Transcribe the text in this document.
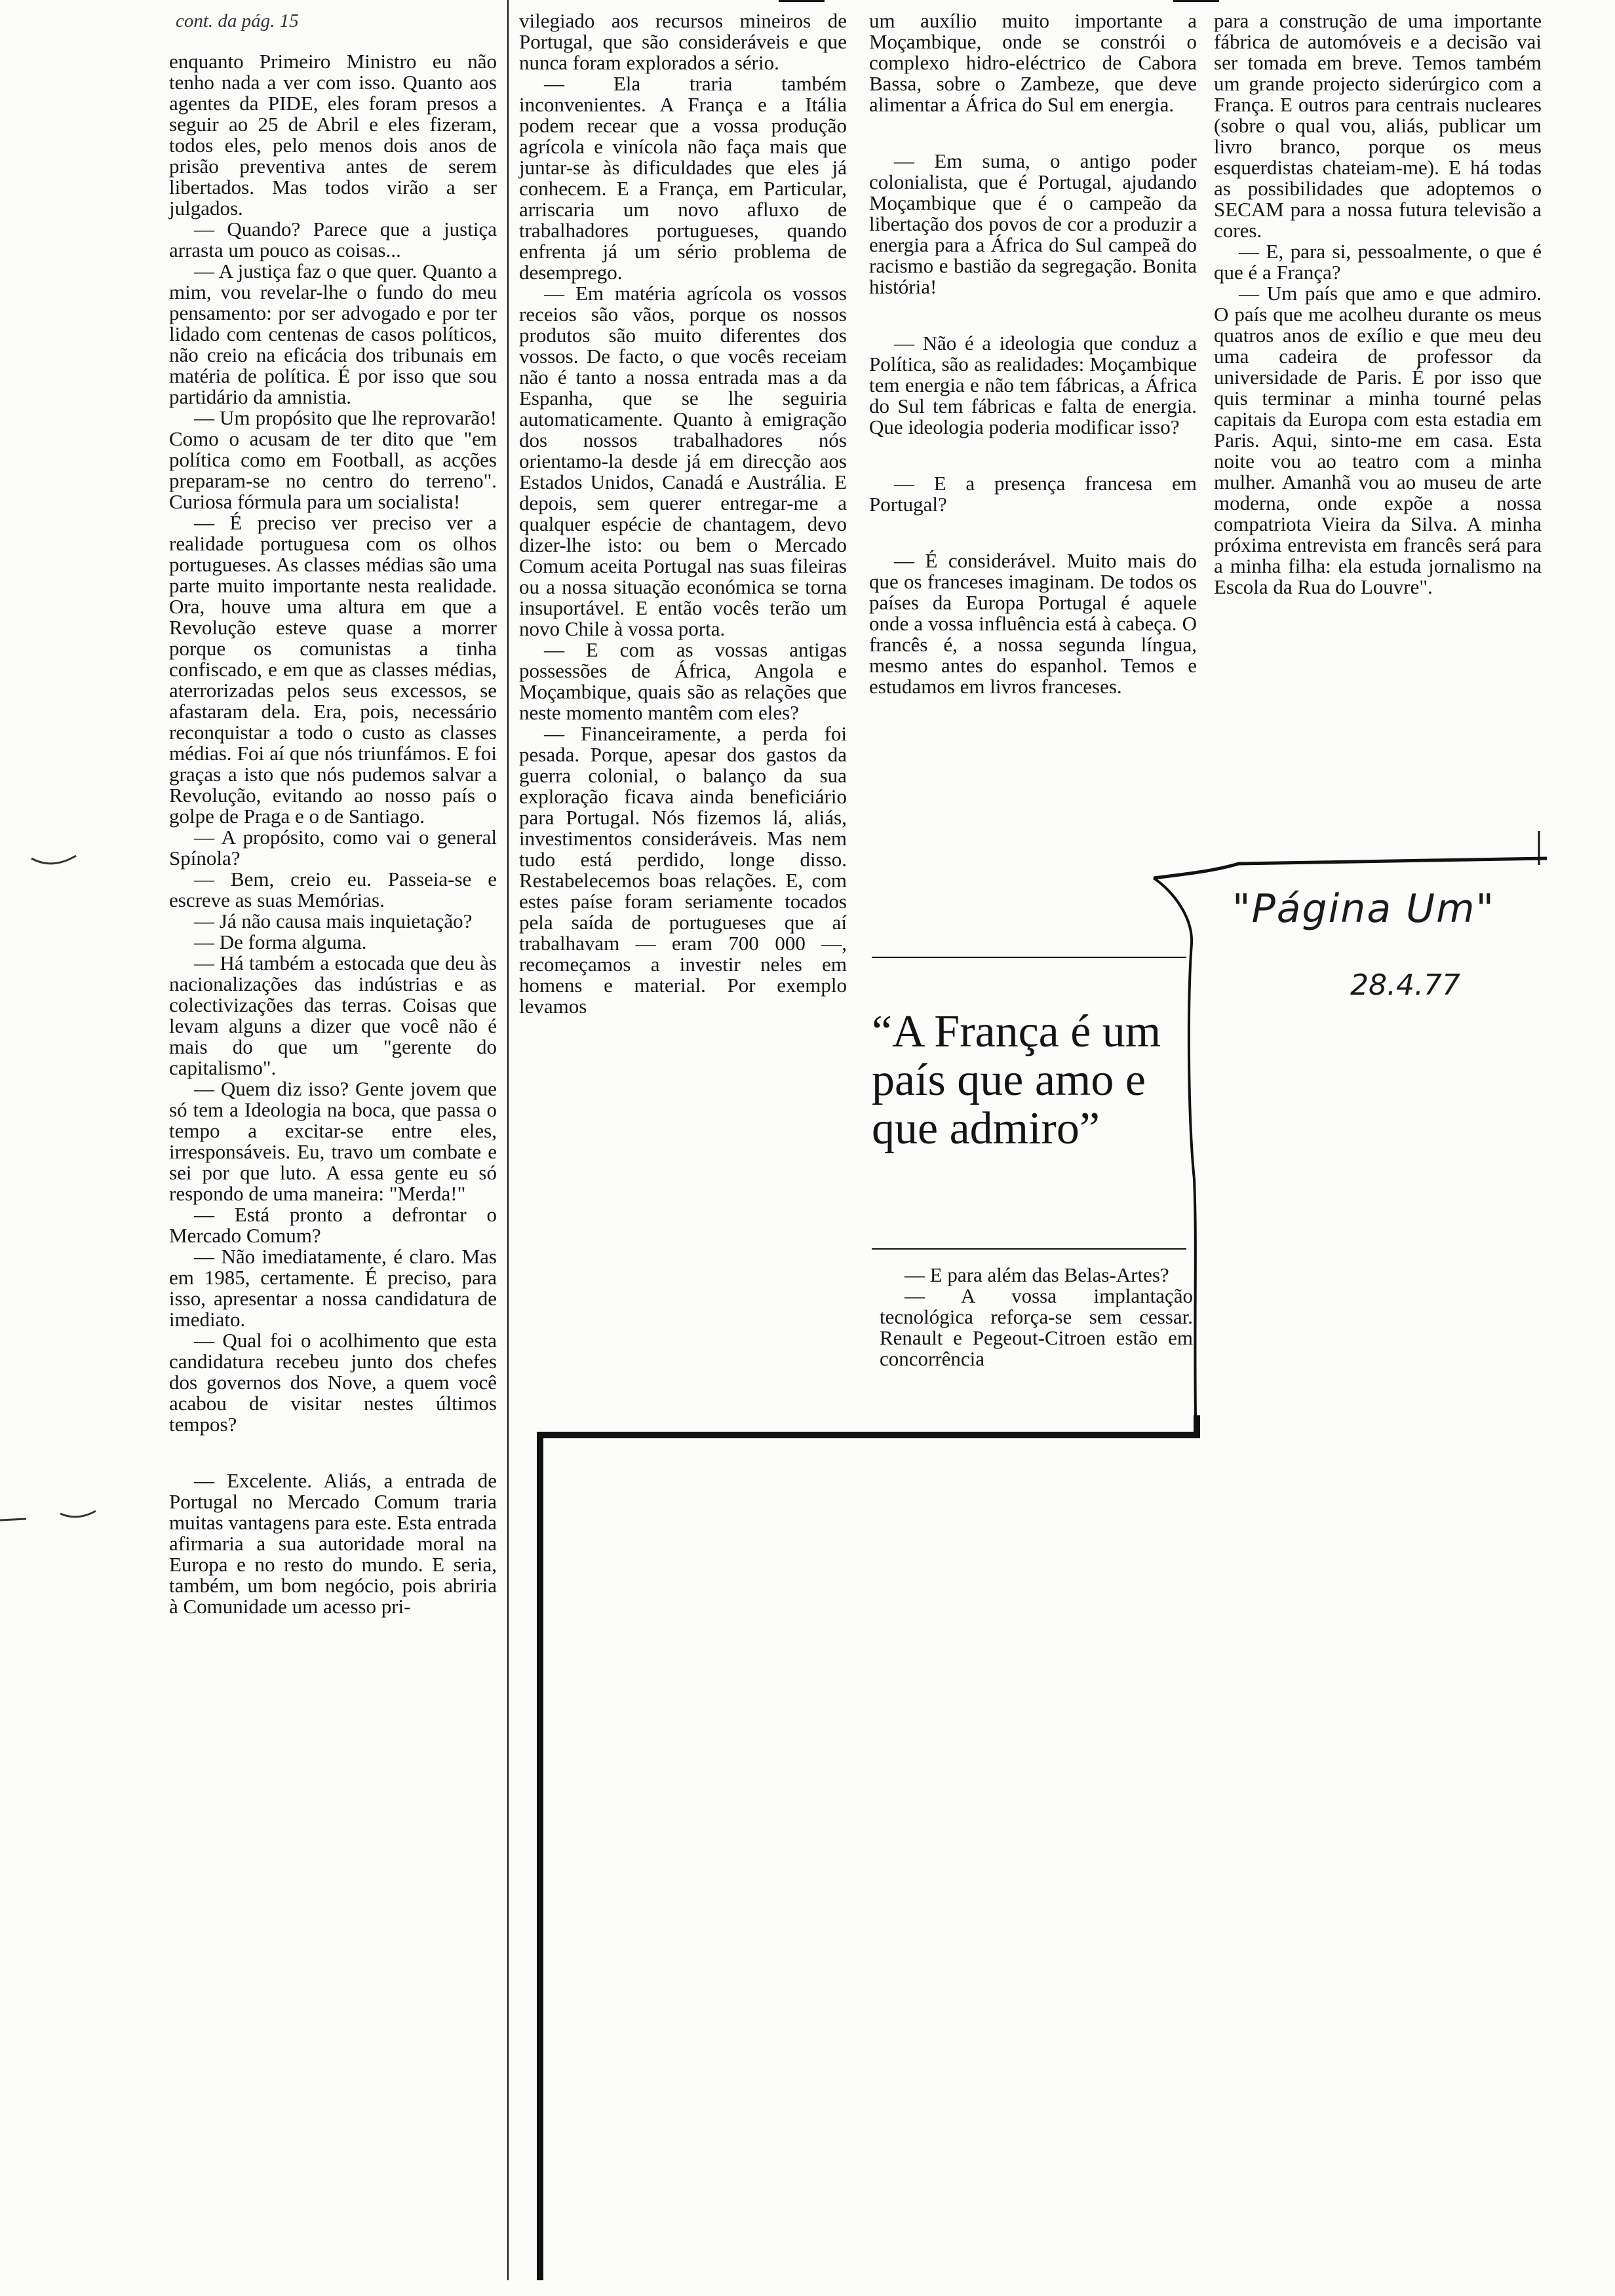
cont. da pág. 15

enquanto Primeiro Ministro eu não tenho nada a ver com isso. Quanto aos agentes da PIDE, eles foram presos a seguir ao 25 de Abril e eles fizeram, todos eles, pelo menos dois anos de prisão preventiva antes de serem libertados. Mas todos virão a ser julgados.

— Quando? Parece que a justiça arrasta um pouco as coisas...

— A justiça faz o que quer. Quanto a mim, vou revelar-lhe o fundo do meu pensamento: por ser advogado e por ter lidado com centenas de casos políticos, não creio na eficácia dos tribunais em matéria de política. É por isso que sou partidário da amnistia.

— Um propósito que lhe reprovarão! Como o acusam de ter dito que "em política como em Football, as acções preparam-se no centro do terreno". Curiosa fórmula para um socialista!

— É preciso ver preciso ver a realidade portuguesa com os olhos portugueses. As classes médias são uma parte muito importante nesta realidade. Ora, houve uma altura em que a Revolução esteve quase a morrer porque os comunistas a tinha confiscado, e em que as classes médias, aterrorizadas pelos seus excessos, se afastaram dela. Era, pois, necessário reconquistar a todo o custo as classes médias. Foi aí que nós triunfámos. E foi graças a isto que nós pudemos salvar a Revolução, evitando ao nosso país o golpe de Praga e o de Santiago.

— A propósito, como vai o general Spínola?

— Bem, creio eu. Passeia-se e escreve as suas Memórias.

— Já não causa mais inquietação?

— De forma alguma.

— Há também a estocada que deu às nacionalizações das indústrias e as colectivizações das terras. Coisas que levam alguns a dizer que você não é mais do que um "gerente do capitalismo".

— Quem diz isso? Gente jovem que só tem a Ideologia na boca, que passa o tempo a excitar-se entre eles, irresponsáveis. Eu, travo um combate e sei por que luto. A essa gente eu só respondo de uma maneira: "Merda!"

— Está pronto a defrontar o Mercado Comum?

— Não imediatamente, é claro. Mas em 1985, certamente. É preciso, para isso, apresentar a nossa candidatura de imediato.

— Qual foi o acolhimento que esta candidatura recebeu junto dos chefes dos governos dos Nove, a quem você acabou de visitar nestes últimos tempos?

— Excelente. Aliás, a entrada de Portugal no Mercado Comum traria muitas vantagens para este. Esta entrada afirmaria a sua autoridade moral na Europa e no resto do mundo. E seria, também, um bom negócio, pois abriria à Comunidade um acesso pri-

vilegiado aos recursos mineiros de Portugal, que são consideráveis e que nunca foram explorados a sério.

— Ela traria também inconvenientes. A França e a Itália podem recear que a vossa produção agrícola e vinícola não faça mais que juntar-se às dificuldades que eles já conhecem. E a França, em Particular, arriscaria um novo afluxo de trabalhadores portugueses, quando enfrenta já um sério problema de desemprego.

— Em matéria agrícola os vossos receios são vãos, porque os nossos produtos são muito diferentes dos vossos. De facto, o que vocês receiam não é tanto a nossa entrada mas a da Espanha, que se lhe seguiria automaticamente. Quanto à emigração dos nossos trabalhadores nós orientamo-la desde já em direcção aos Estados Unidos, Canadá e Austrália. E depois, sem querer entregar-me a qualquer espécie de chantagem, devo dizer-lhe isto: ou bem o Mercado Comum aceita Portugal nas suas fileiras ou a nossa situação económica se torna insuportável. E então vocês terão um novo Chile à vossa porta.

— E com as vossas antigas possessões de África, Angola e Moçambique, quais são as relações que neste momento mantêm com eles?

— Financeiramente, a perda foi pesada. Porque, apesar dos gastos da guerra colonial, o balanço da sua exploração ficava ainda beneficiário para Portugal. Nós fizemos lá, aliás, investimentos consideráveis. Mas nem tudo está perdido, longe disso. Restabelecemos boas relações. E, com estes paíse foram seriamente tocados pela saída de portugueses que aí trabalhavam — eram 700 000 —, recomeçamos a investir neles em homens e material. Por exemplo levamos

um auxílio muito importante a Moçambique, onde se constrói o complexo hidro-eléctrico de Cabora Bassa, sobre o Zambeze, que deve alimentar a África do Sul em energia.

— Em suma, o antigo poder colonialista, que é Portugal, ajudando Moçambique que é o campeão da libertação dos povos de cor a produzir a energia para a África do Sul campeã do racismo e bastião da segregação. Bonita história!

— Não é a ideologia que conduz a Política, são as realidades: Moçambique tem energia e não tem fábricas, a África do Sul tem fábricas e falta de energia. Que ideologia poderia modificar isso?

— E a presença francesa em Portugal?

— É considerável. Muito mais do que os franceses imaginam. De todos os países da Europa Portugal é aquele onde a vossa influência está à cabeça. O francês é, a nossa segunda língua, mesmo antes do espanhol. Temos e estudamos em livros franceses.

“A França é um país que amo e que admiro”

— E para além das Belas-Artes?

— A vossa implantação tecnológica reforça-se sem cessar. Renault e Pegeout-Citroen estão em concorrência

para a construção de uma importante fábrica de automóveis e a decisão vai ser tomada em breve. Temos também um grande projecto siderúrgico com a França. E outros para centrais nucleares (sobre o qual vou, aliás, publicar um livro branco, porque os meus esquerdistas chateiam-me). E há todas as possibilidades que adoptemos o SECAM para a nossa futura televisão a cores.

— E, para si, pessoalmente, o que é que é a França?

— Um país que amo e que admiro. O país que me acolheu durante os meus quatros anos de exílio e que meu deu uma cadeira de professor da universidade de Paris. É por isso que quis terminar a minha tourné pelas capitais da Europa com esta estadia em Paris. Aqui, sinto-me em casa. Esta noite vou ao teatro com a minha mulher. Amanhã vou ao museu de arte moderna, onde expõe a nossa compatriota Vieira da Silva. A minha próxima entrevista em francês será para a minha filha: ela estuda jornalismo na Escola da Rua do Louvre".

"Página Um"
28.4.77
